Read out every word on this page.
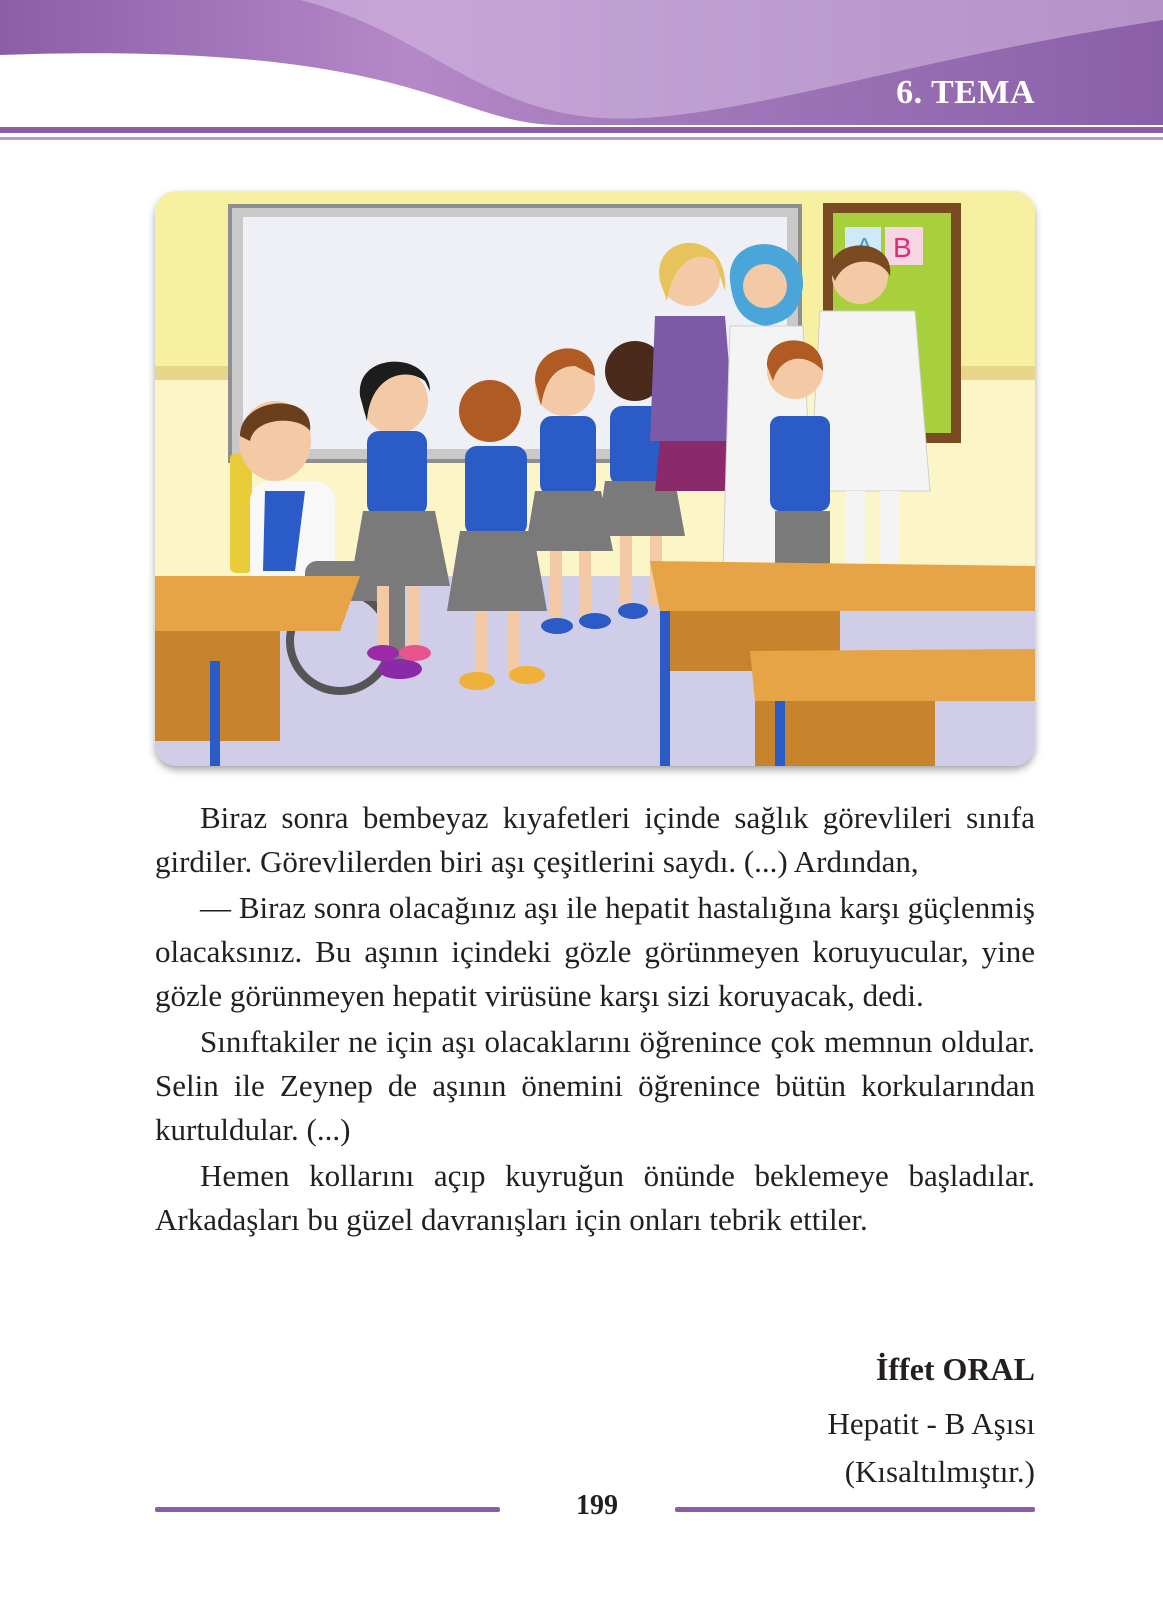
6. TEMA
B

Biraz sonra bembeyaz kıyafetleri içinde sağlık görevlileri sınıfa girdiler. Görevlilerden biri aşı çeşitlerini saydı. (...) Ardından,

— Biraz sonra olacağınız aşı ile hepatit hastalığına karşı güçlenmiş olacaksınız. Bu aşının içindeki gözle görünmeyen koruyucular, yine gözle görünmeyen hepatit virüsüne karşı sizi koruyacak, dedi.

Sınıftakiler ne için aşı olacaklarını öğrenince çok memnun oldular. Selin ile Zeynep de aşının önemini öğrenince bütün korkularından kurtuldular. (...)

Hemen kollarını açıp kuyruğun önünde beklemeye başladılar. Arkadaşları bu güzel davranışları için onları tebrik ettiler.

İffet ORAL
Hepatit - B Aşısı
(Kısaltılmıştır.)
199
